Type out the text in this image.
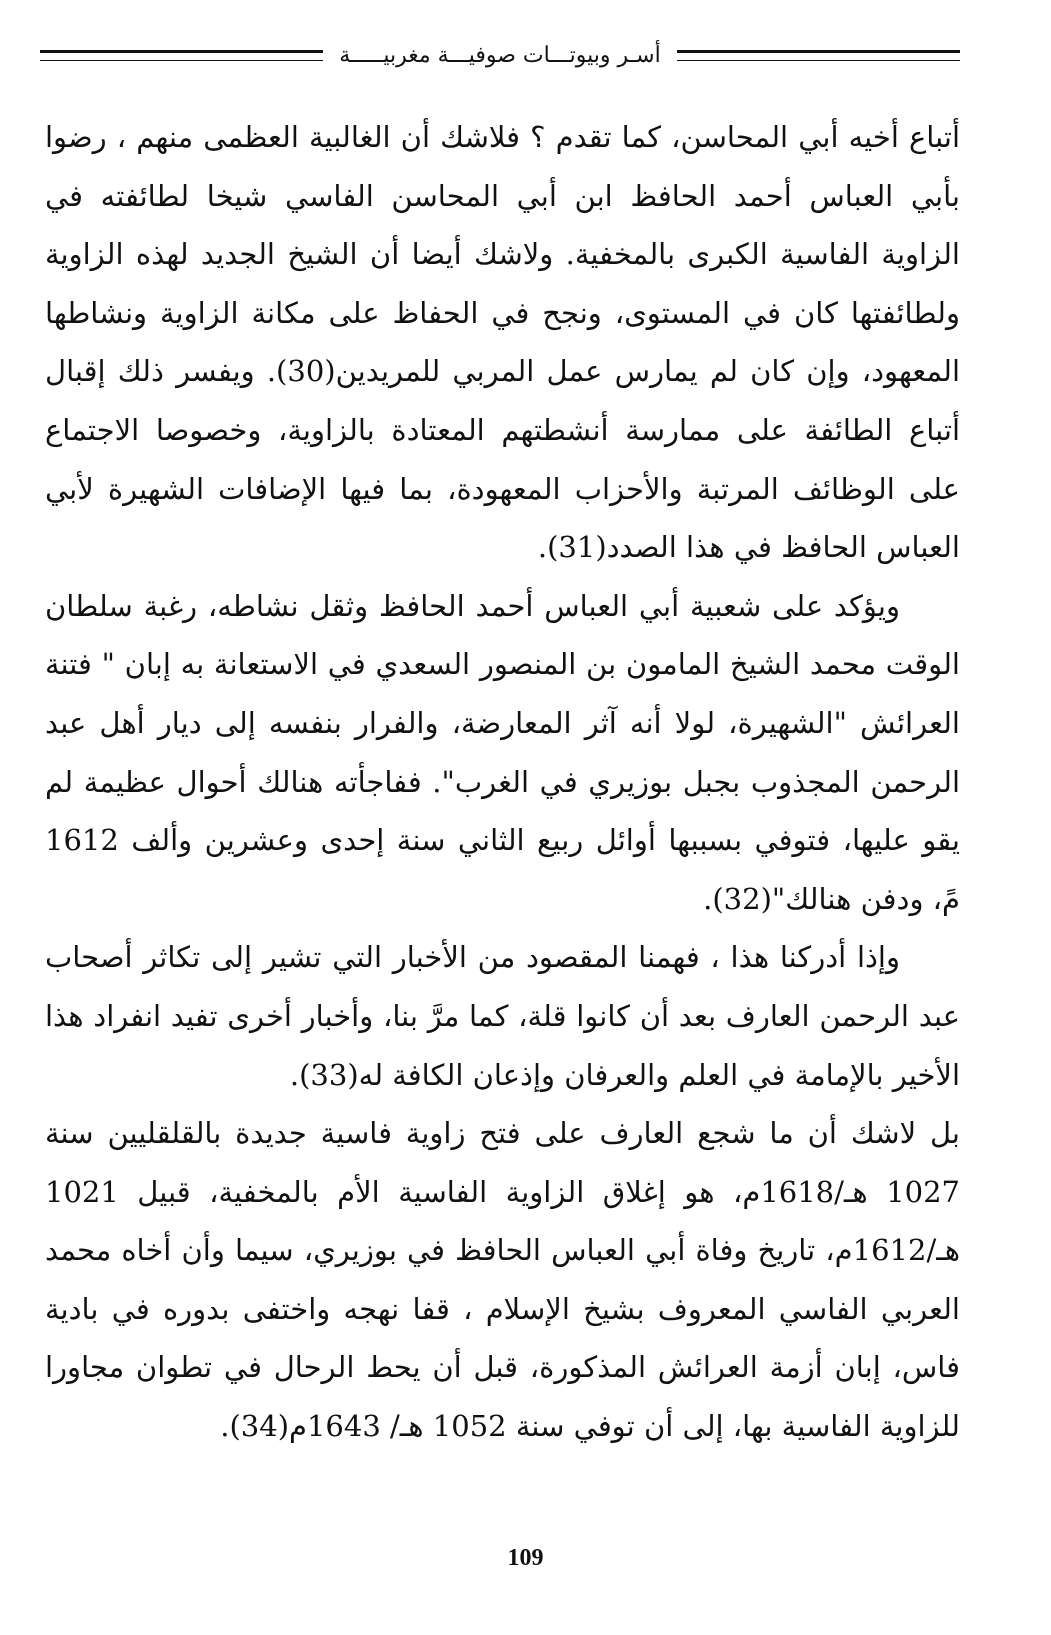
أسـر وبيوتـــات صوفيـــة مغربيـــــة

أتباع أخيه أبي المحاسن، كما تقدم ؟ فلاشك أن الغالبية العظمى منهم ، رضوا بأبي العباس أحمد الحافظ ابن أبي المحاسن الفاسي شيخا لطائفته في الزاوية الفاسية الكبرى بالمخفية. ولاشك أيضا أن الشيخ الجديد لهذه الزاوية ولطائفتها كان في المستوى، ونجح في الحفاظ على مكانة الزاوية ونشاطها المعهود، وإن كان لم يمارس عمل المربي للمريدين(30). ويفسر ذلك إقبال أتباع الطائفة على ممارسة أنشطتهم المعتادة بالزاوية، وخصوصا الاجتماع على الوظائف المرتبة والأحزاب المعهودة، بما فيها الإضافات الشهيرة لأبي العباس الحافظ في هذا الصدد(31).

ويؤكد على شعبية أبي العباس أحمد الحافظ وثقل نشاطه، رغبة سلطان الوقت محمد الشيخ المامون بن المنصور السعدي في الاستعانة به إبان " فتنة العرائش "الشهيرة، لولا أنه آثر المعارضة، والفرار بنفسه إلى ديار أهل عبد الرحمن المجذوب بجبل بوزيري في الغرب". ففاجأته هنالك أحوال عظيمة لم يقو عليها، فتوفي بسببها أوائل ربيع الثاني سنة إحدى وعشرين وألف 1612 مً، ودفن هنالك"(32).

وإذا أدركنا هذا ، فهمنا المقصود من الأخبار التي تشير إلى تكاثر أصحاب عبد الرحمن العارف بعد أن كانوا قلة، كما مرَّ بنا، وأخبار أخرى تفيد انفراد هذا الأخير بالإمامة في العلم والعرفان وإذعان الكافة له(33).

بل لاشك أن ما شجع العارف على فتح زاوية فاسية جديدة بالقلقليين سنة 1027 هـ/1618م، هو إغلاق الزاوية الفاسية الأم بالمخفية، قبيل 1021 هـ/1612م، تاريخ وفاة أبي العباس الحافظ في بوزيري، سيما وأن أخاه محمد العربي الفاسي المعروف بشيخ الإسلام ، قفا نهجه واختفى بدوره في بادية فاس، إبان أزمة العرائش المذكورة، قبل أن يحط الرحال في تطوان مجاورا للزاوية الفاسية بها، إلى أن توفي سنة 1052 هـ/ 1643م(34).

109
